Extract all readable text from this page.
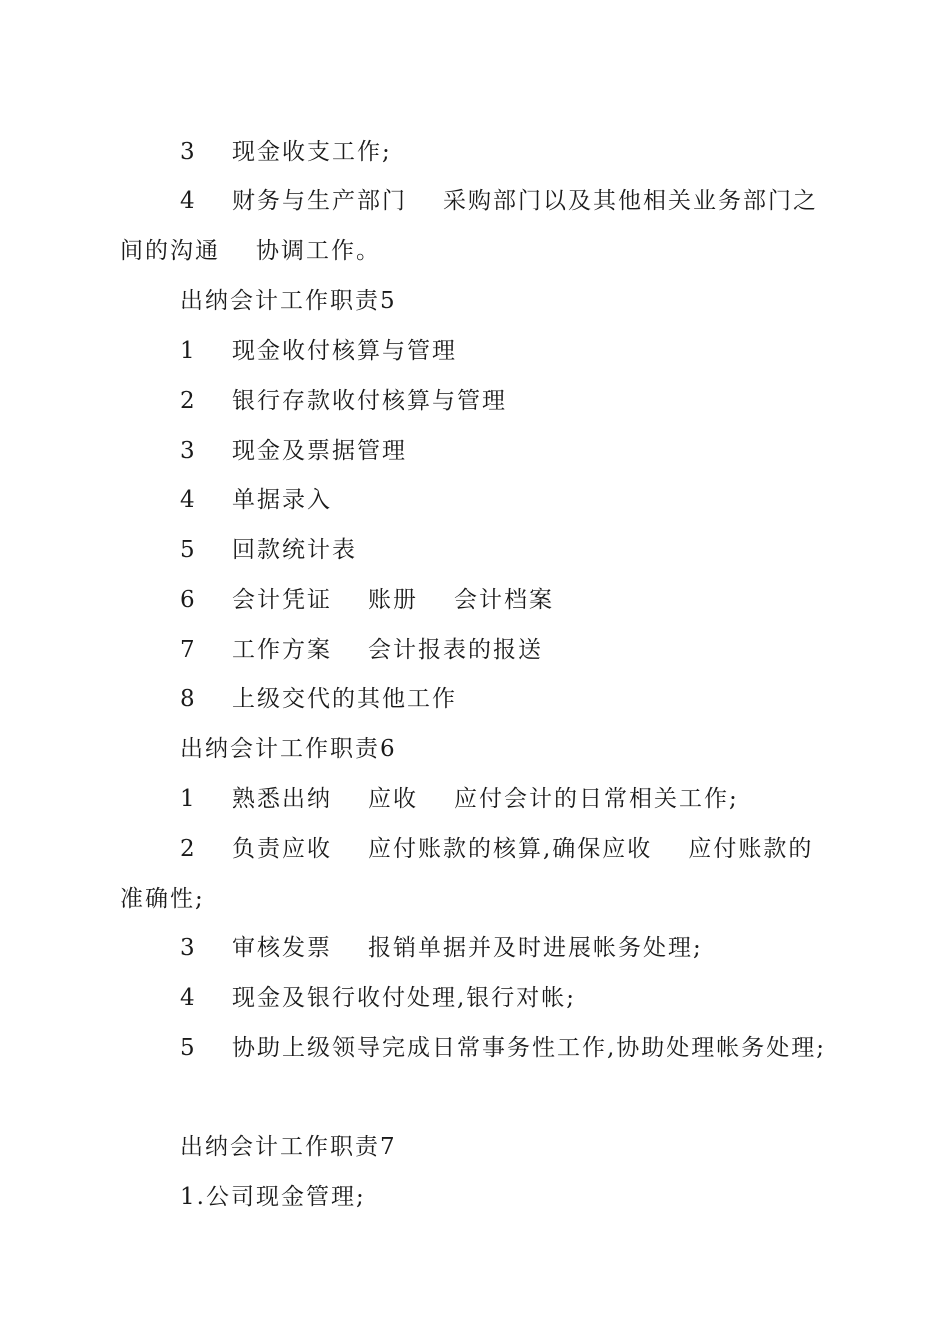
3 现金收支工作;
4 财务与生产部门 采购部门以及其他相关业务部门之
间的沟通 协调工作。
出纳会计工作职责5
1 现金收付核算与管理
2 银行存款收付核算与管理
3 现金及票据管理
4 单据录入
5 回款统计表
6 会计凭证 账册 会计档案
7 工作方案 会计报表的报送
8 上级交代的其他工作
出纳会计工作职责6
1 熟悉出纳 应收 应付会计的日常相关工作;
2 负责应收 应付账款的核算,确保应收 应付账款的
准确性;
3 审核发票 报销单据并及时进展帐务处理;
4 现金及银行收付处理,银行对帐;
5 协助上级领导完成日常事务性工作,协助处理帐务处理;
出纳会计工作职责7
1.公司现金管理;
